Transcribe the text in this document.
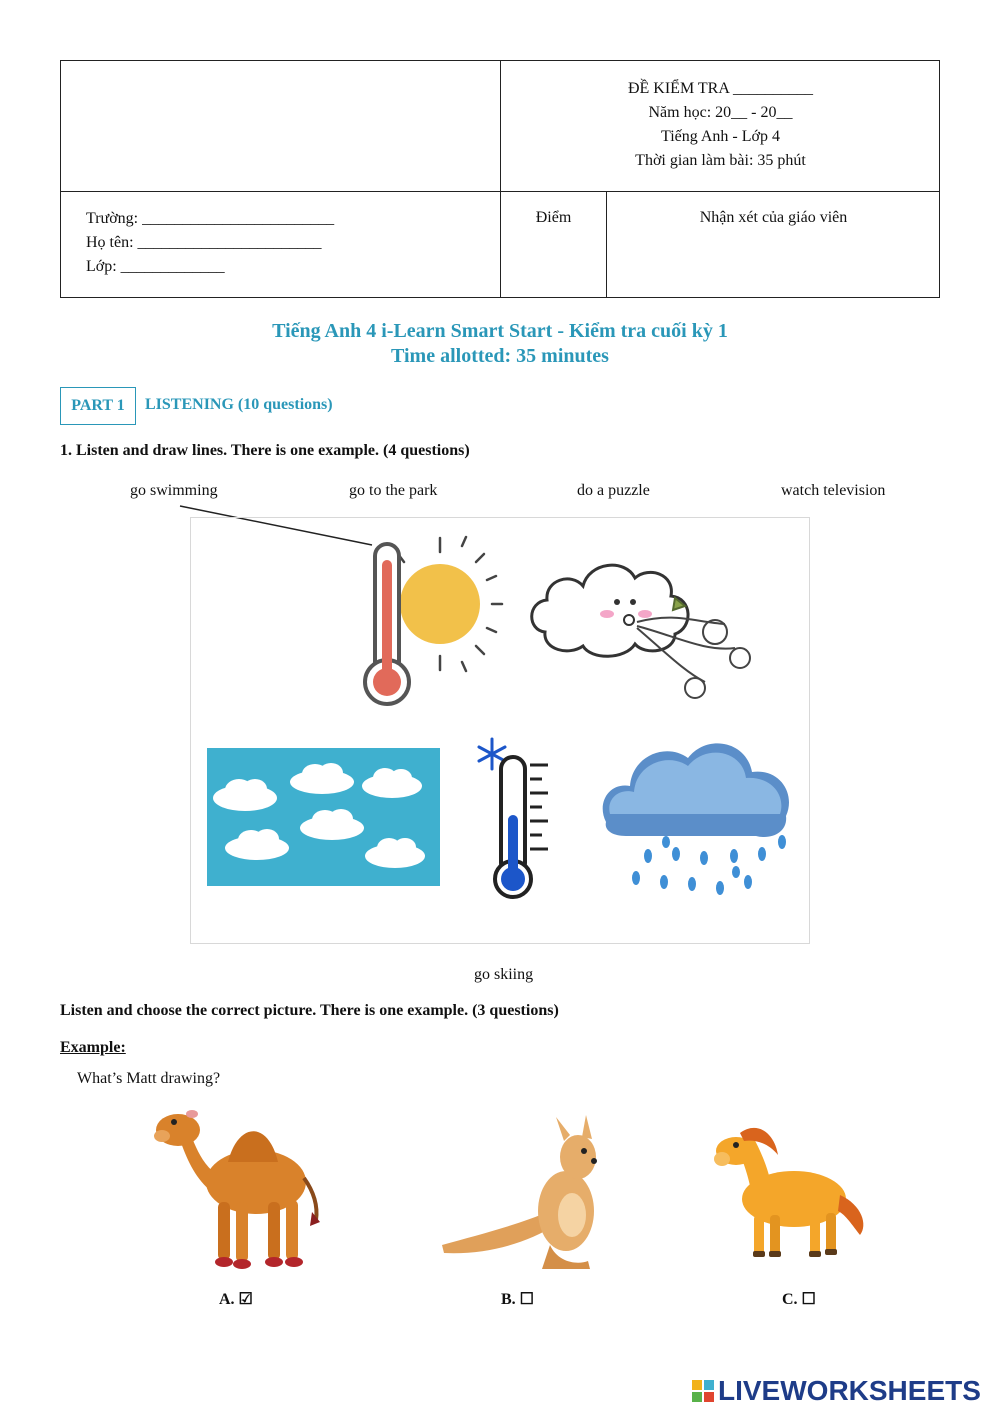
ĐỀ KIỂM TRA __________
Năm học: 20__ - 20__
Tiếng Anh - Lớp 4
Thời gian làm bài: 35 phút
Trường: ________________________
Họ tên: _______________________
Lớp: _____________
Điểm	Nhận xét của giáo viên
Tiếng Anh 4 i-Learn Smart Start - Kiểm tra cuối kỳ 1
Time allotted: 35 minutes
PART 1	LISTENING (10 questions)
1. Listen and draw lines. There is one example. (4 questions)
go swimming	go to the park	do a puzzle	watch television
go skiing
Listen and choose the correct picture. There is one example. (3 questions)
Example:
What’s Matt drawing?
A. ☑	B. ☐	C. ☐
LIVEWORKSHEETS
